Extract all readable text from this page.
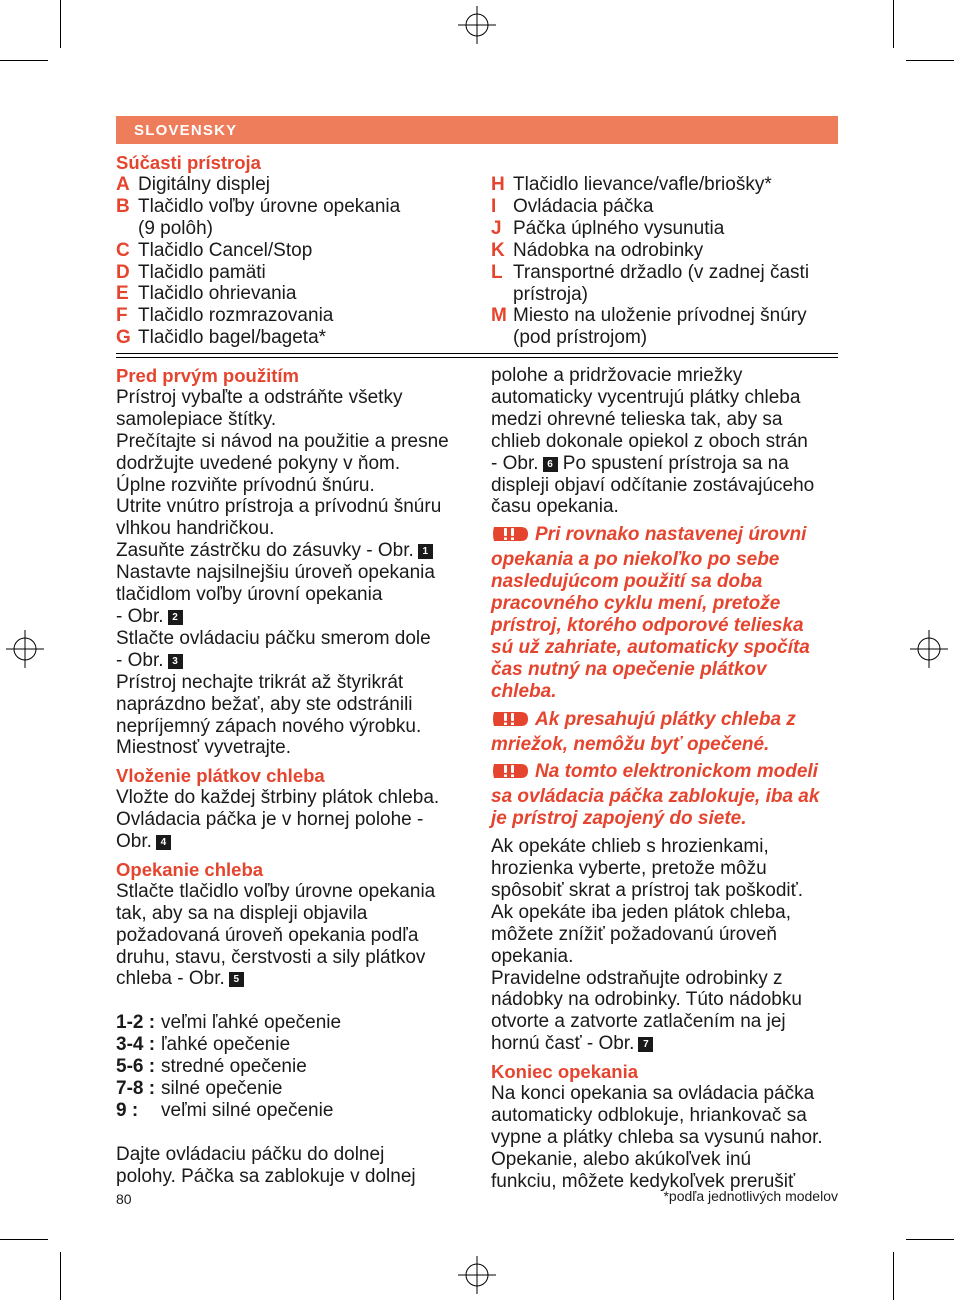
SLOVENSKY
Súčasti prístroja
A Digitálny displej
B Tlačidlo voľby úrovne opekania
(9 polôh)
C Tlačidlo Cancel/Stop
D Tlačidlo pamäti
E Tlačidlo ohrievania
F Tlačidlo rozmrazovania
G Tlačidlo bagel/bageta*
H Tlačidlo lievance/vafle/briošky*
I Ovládacia páčka
J Páčka úplného vysunutia
K Nádobka na odrobinky
L Transportné držadlo (v zadnej časti
prístroja)
M Miesto na uloženie prívodnej šnúry
(pod prístrojom)
Pred prvým použitím

Prístroj vybaľte a odstráňte všetky

samolepiace štítky.

Prečítajte si návod na použitie a presne

dodržujte uvedené pokyny v ňom.

Úplne rozviňte prívodnú šnúru.

Utrite vnútro prístroja a prívodnú šnúru

vlhkou handričkou.

Zasuňte zástrčku do zásuvky - Obr. 1

Nastavte najsilnejšiu úroveň opekania

tlačidlom voľby úrovní opekania

- Obr. 2

Stlačte ovládaciu páčku smerom dole

- Obr. 3

Prístroj nechajte trikrát až štyrikrát

naprázdno bežať, aby ste odstránili

nepríjemný zápach nového výrobku.

Miestnosť vyvetrajte.

Vloženie plátkov chleba

Vložte do každej štrbiny plátok chleba.

Ovládacia páčka je v hornej polohe -

Obr. 4

Opekanie chleba

Stlačte tlačidlo voľby úrovne opekania

tak, aby sa na displeji objavila

požadovaná úroveň opekania podľa

druhu, stavu, čerstvosti a sily plátkov

chleba - Obr. 5

1-2 : veľmi ľahké opečenie
3-4 : ľahké opečenie
5-6 : stredné opečenie
7-8 : silné opečenie
9 :	veľmi silné opečenie

Dajte ovládaciu páčku do dolnej

polohy. Páčka sa zablokuje v dolnej

polohe a pridržovacie mriežky

automaticky vycentrujú plátky chleba

medzi ohrevné telieska tak, aby sa

chlieb dokonale opiekol z oboch strán

- Obr. 6 Po spustení prístroja sa na

displeji objaví odčítanie zostávajúceho

času opekania.

Pri rovnako nastavenej úrovni

opekania a po niekoľko po sebe

nasledujúcom použití sa doba

pracovného cyklu mení, pretože

prístroj, ktorého odporové telieska

sú už zahriate, automaticky spočíta

čas nutný na opečenie plátkov

chleba.

Ak presahujú plátky chleba z

mriežok, nemôžu byť opečené.

Na tomto elektronickom modeli

sa ovládacia páčka zablokuje, iba ak

je prístroj zapojený do siete.

Ak opekáte chlieb s hrozienkami,

hrozienka vyberte, pretože môžu

spôsobiť skrat a prístroj tak poškodiť.

Ak opekáte iba jeden plátok chleba,

môžete znížiť požadovanú úroveň

opekania.

Pravidelne odstraňujte odrobinky z

nádobky na odrobinky. Túto nádobku

otvorte a zatvorte zatlačením na jej

hornú časť - Obr. 7

Koniec opekania

Na konci opekania sa ovládacia páčka

automaticky odblokuje, hriankovač sa

vypne a plátky chleba sa vysunú nahor.

Opekanie, alebo akúkoľvek inú

funkciu, môžete kedykoľvek prerušiť

80	*podľa jednotlivých modelov
